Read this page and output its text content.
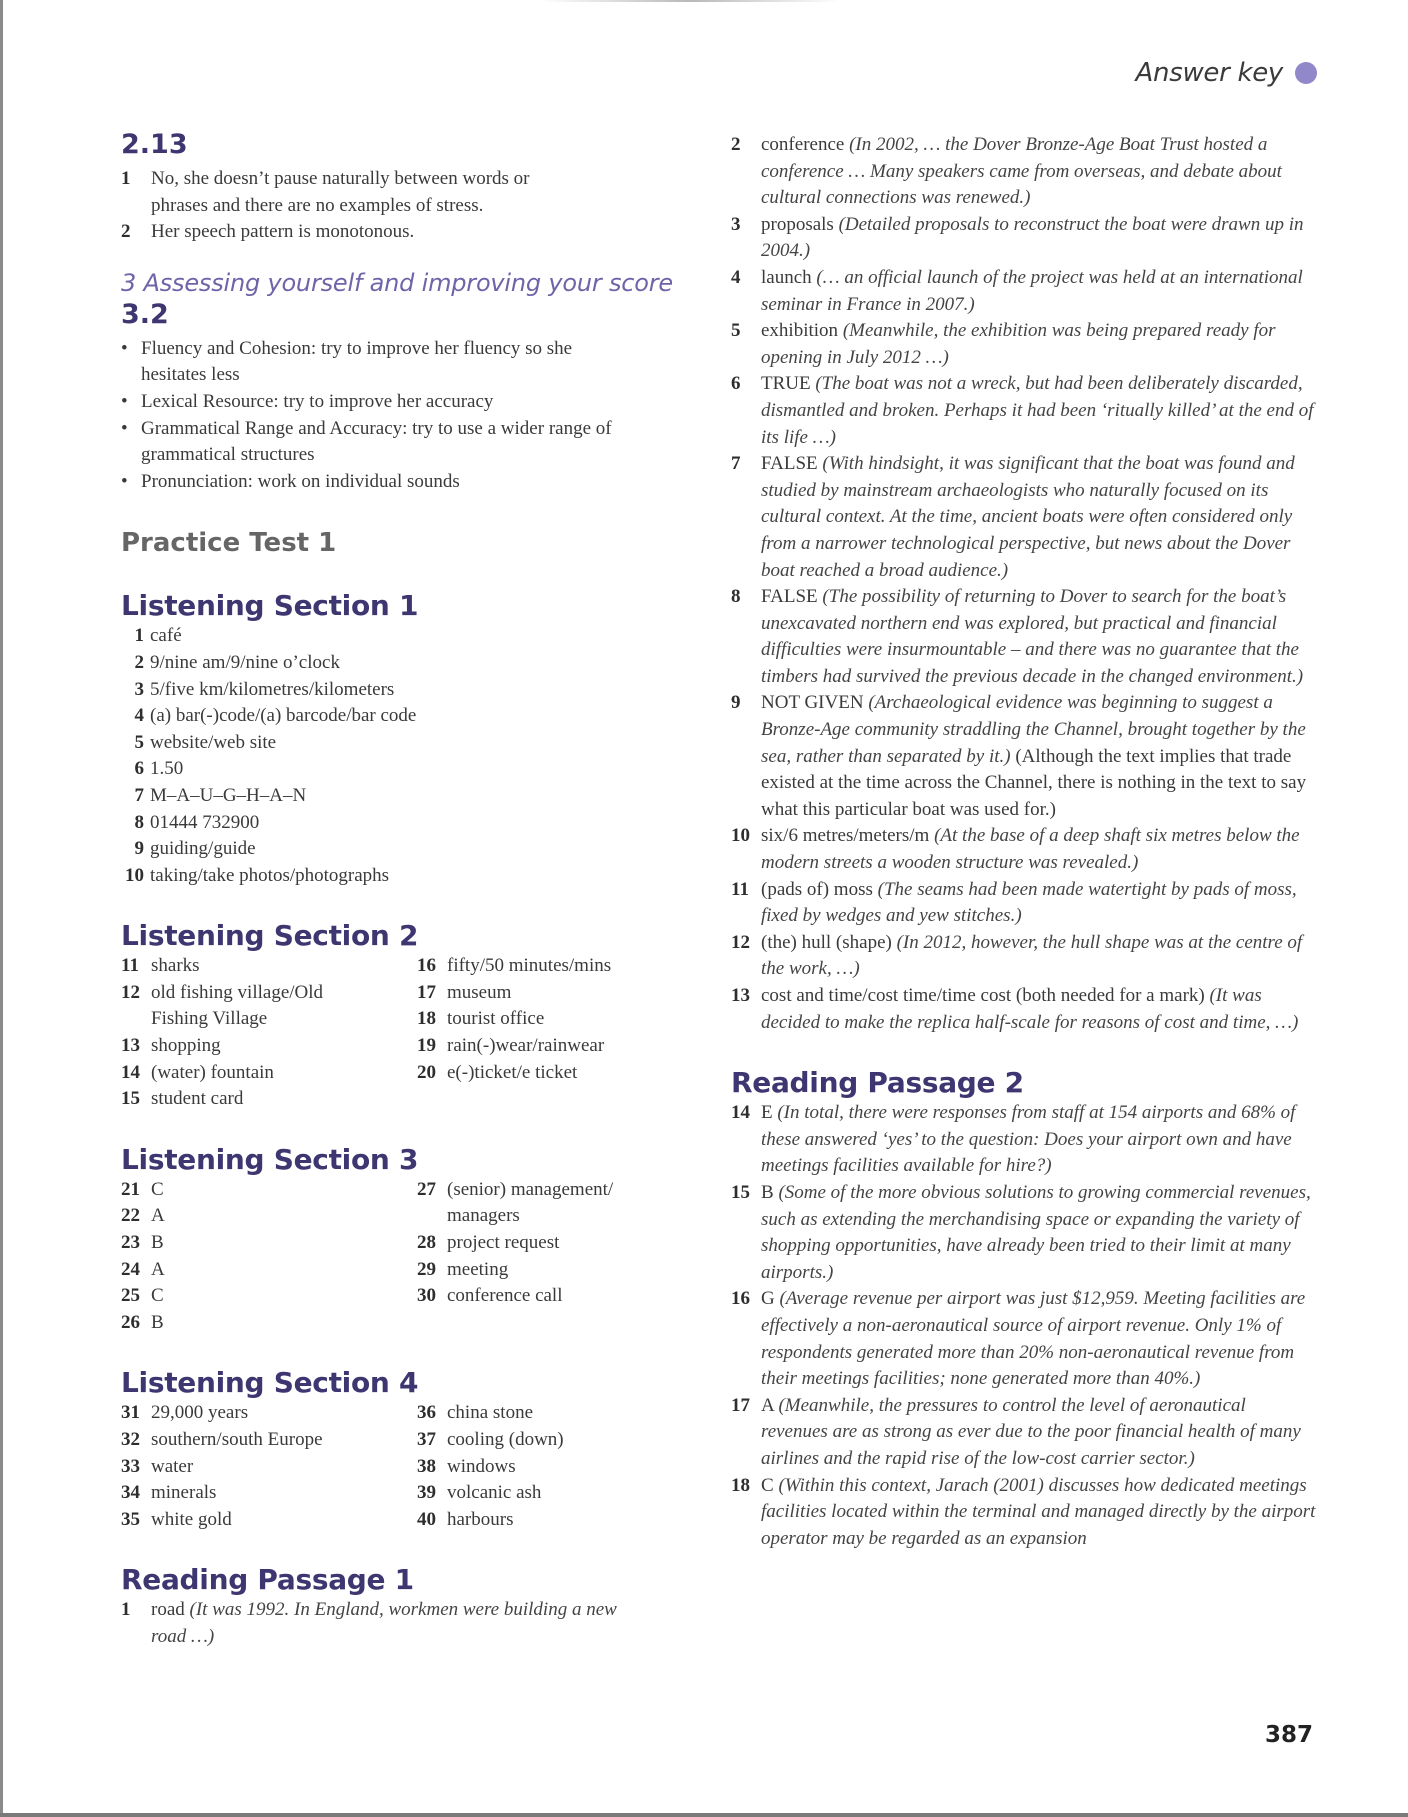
Answer key
2.13
1	No, she doesn’t pause naturally between words or phrases and there are no examples of stress.
2	Her speech pattern is monotonous.
3 Assessing yourself and improving your score
3.2
• Fluency and Cohesion: try to improve her fluency so she hesitates less
• Lexical Resource: try to improve her accuracy
• Grammatical Range and Accuracy: try to use a wider range of grammatical structures
• Pronunciation: work on individual sounds
Practice Test 1
Listening Section 1
1 café
2 9/nine am/9/nine o’clock
3 5/five km/kilometres/kilometers
4 (a) bar(-)code/(a) barcode/bar code
5 website/web site
6 1.50
7 M–A–U–G–H–A–N
8 01444 732900
9 guiding/guide
10 taking/take photos/photographs
Listening Section 2
11 sharks
12 old fishing village/Old Fishing Village
13 shopping
14 (water) fountain
15 student card
16 fifty/50 minutes/mins
17 museum
18 tourist office
19 rain(-)wear/rainwear
20 e(-)ticket/e ticket
Listening Section 3
21 C
22 A
23 B
24 A
25 C
26 B
27 (senior) management/ managers
28 project request
29 meeting
30 conference call
Listening Section 4
31 29,000 years
32 southern/south Europe
33 water
34 minerals
35 white gold
36 china stone
37 cooling (down)
38 windows
39 volcanic ash
40 harbours
Reading Passage 1
1	road (It was 1992. In England, workmen were building a new road …)
2	conference (In 2002, … the Dover Bronze-Age Boat Trust hosted a conference … Many speakers came from overseas, and debate about cultural connections was renewed.)
3	proposals (Detailed proposals to reconstruct the boat were drawn up in 2004.)
4	launch (… an official launch of the project was held at an international seminar in France in 2007.)
5	exhibition (Meanwhile, the exhibition was being prepared ready for opening in July 2012 …)
6	TRUE (The boat was not a wreck, but had been deliberately discarded, dismantled and broken. Perhaps it had been ‘ritually killed’ at the end of its life …)
7	FALSE (With hindsight, it was significant that the boat was found and studied by mainstream archaeologists who naturally focused on its cultural context. At the time, ancient boats were often considered only from a narrower technological perspective, but news about the Dover boat reached a broad audience.)
8	FALSE (The possibility of returning to Dover to search for the boat’s unexcavated northern end was explored, but practical and financial difficulties were insurmountable – and there was no guarantee that the timbers had survived the previous decade in the changed environment.)
9	NOT GIVEN (Archaeological evidence was beginning to suggest a Bronze-Age community straddling the Channel, brought together by the sea, rather than separated by it.) (Although the text implies that trade existed at the time across the Channel, there is nothing in the text to say what this particular boat was used for.)
10 six/6 metres/meters/m (At the base of a deep shaft six metres below the modern streets a wooden structure was revealed.)
11 (pads of) moss (The seams had been made watertight by pads of moss, fixed by wedges and yew stitches.)
12 (the) hull (shape) (In 2012, however, the hull shape was at the centre of the work, …)
13 cost and time/cost time/time cost (both needed for a mark) (It was decided to make the replica half-scale for reasons of cost and time, …)
Reading Passage 2
14 E (In total, there were responses from staff at 154 airports and 68% of these answered ‘yes’ to the question: Does your airport own and have meetings facilities available for hire?)
15 B (Some of the more obvious solutions to growing commercial revenues, such as extending the merchandising space or expanding the variety of shopping opportunities, have already been tried to their limit at many airports.)
16 G (Average revenue per airport was just $12,959. Meeting facilities are effectively a non-aeronautical source of airport revenue. Only 1% of respondents generated more than 20% non-aeronautical revenue from their meetings facilities; none generated more than 40%.)
17 A (Meanwhile, the pressures to control the level of aeronautical revenues are as strong as ever due to the poor financial health of many airlines and the rapid rise of the low-cost carrier sector.)
18 C (Within this context, Jarach (2001) discusses how dedicated meetings facilities located within the terminal and managed directly by the airport operator may be regarded as an expansion
387
